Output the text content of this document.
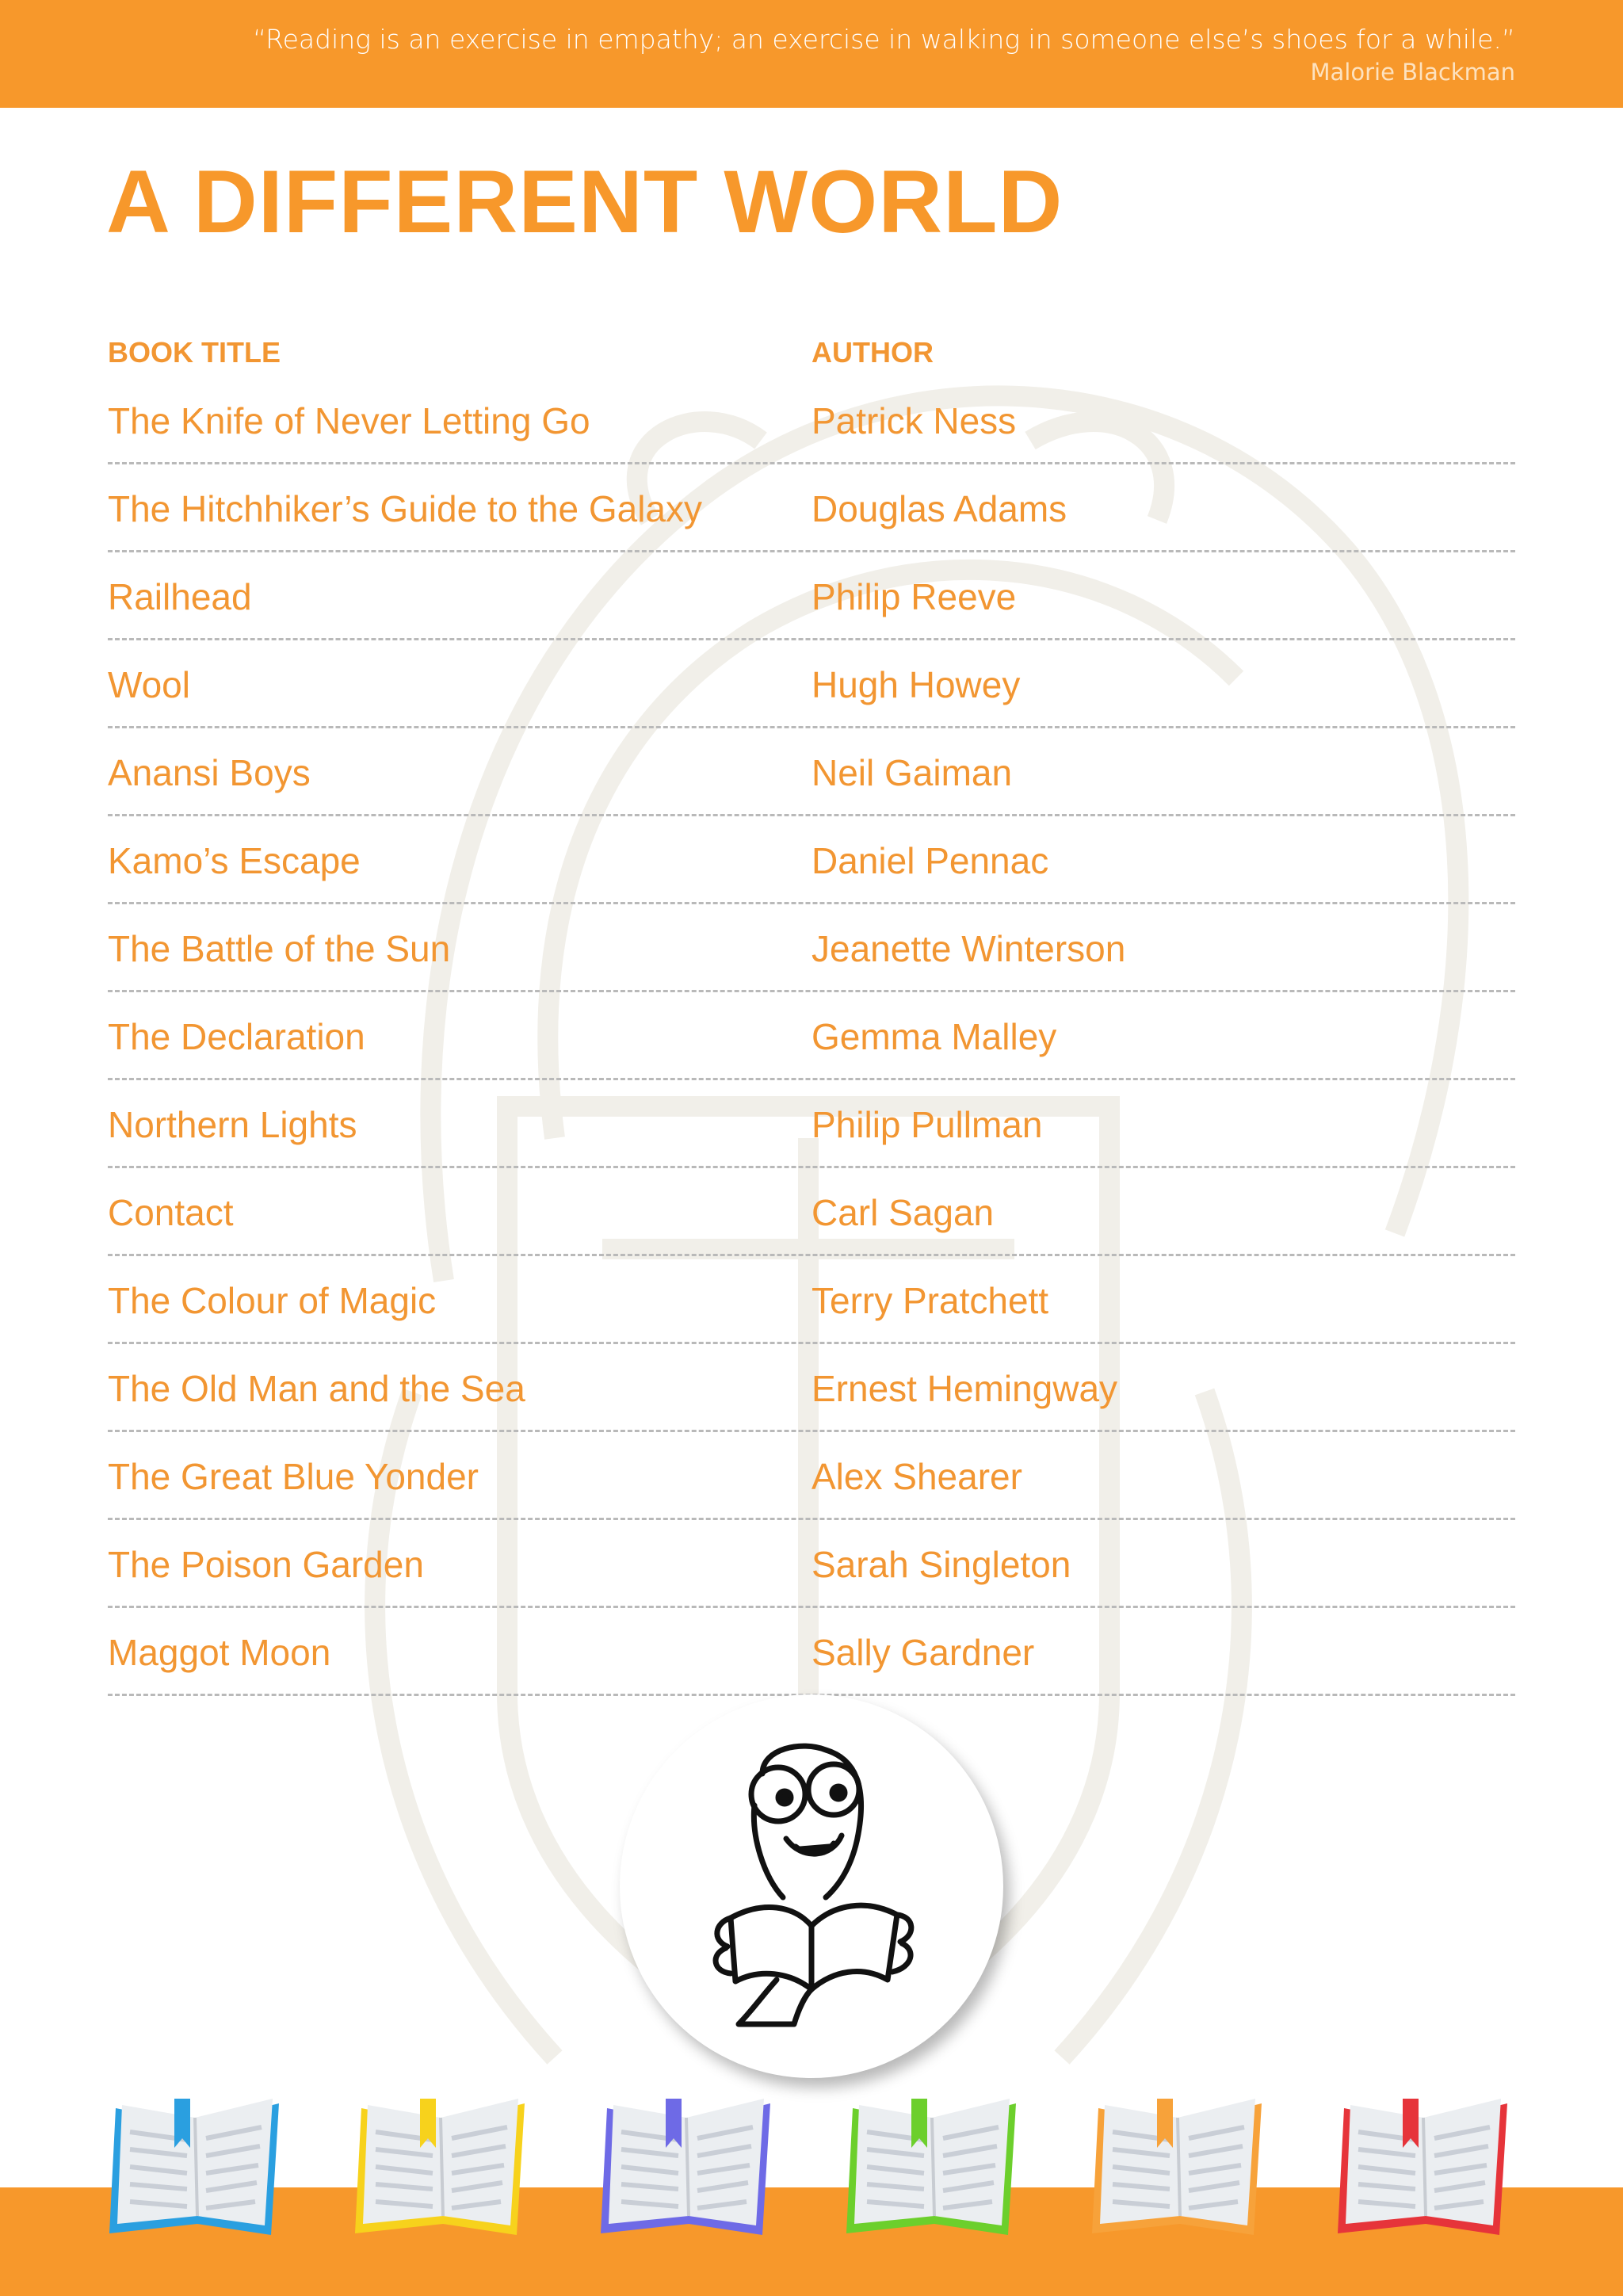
“Reading is an exercise in empathy; an exercise in walking in someone else’s shoes for a while.”
Malorie Blackman
A DIFFERENT WORLD
BOOK TITLE	AUTHOR
The Knife of Never Letting Go	Patrick Ness
The Hitchhiker’s Guide to the Galaxy	Douglas Adams
Railhead	Philip Reeve
Wool	Hugh Howey
Anansi Boys	Neil Gaiman
Kamo’s Escape	Daniel Pennac
The Battle of the Sun	Jeanette Winterson
The Declaration	Gemma Malley
Northern Lights	Philip Pullman
Contact	Carl Sagan
The Colour of Magic	Terry Pratchett
The Old Man and the Sea	Ernest Hemingway
The Great Blue Yonder	Alex Shearer
The Poison Garden	Sarah Singleton
Maggot Moon	Sally Gardner
